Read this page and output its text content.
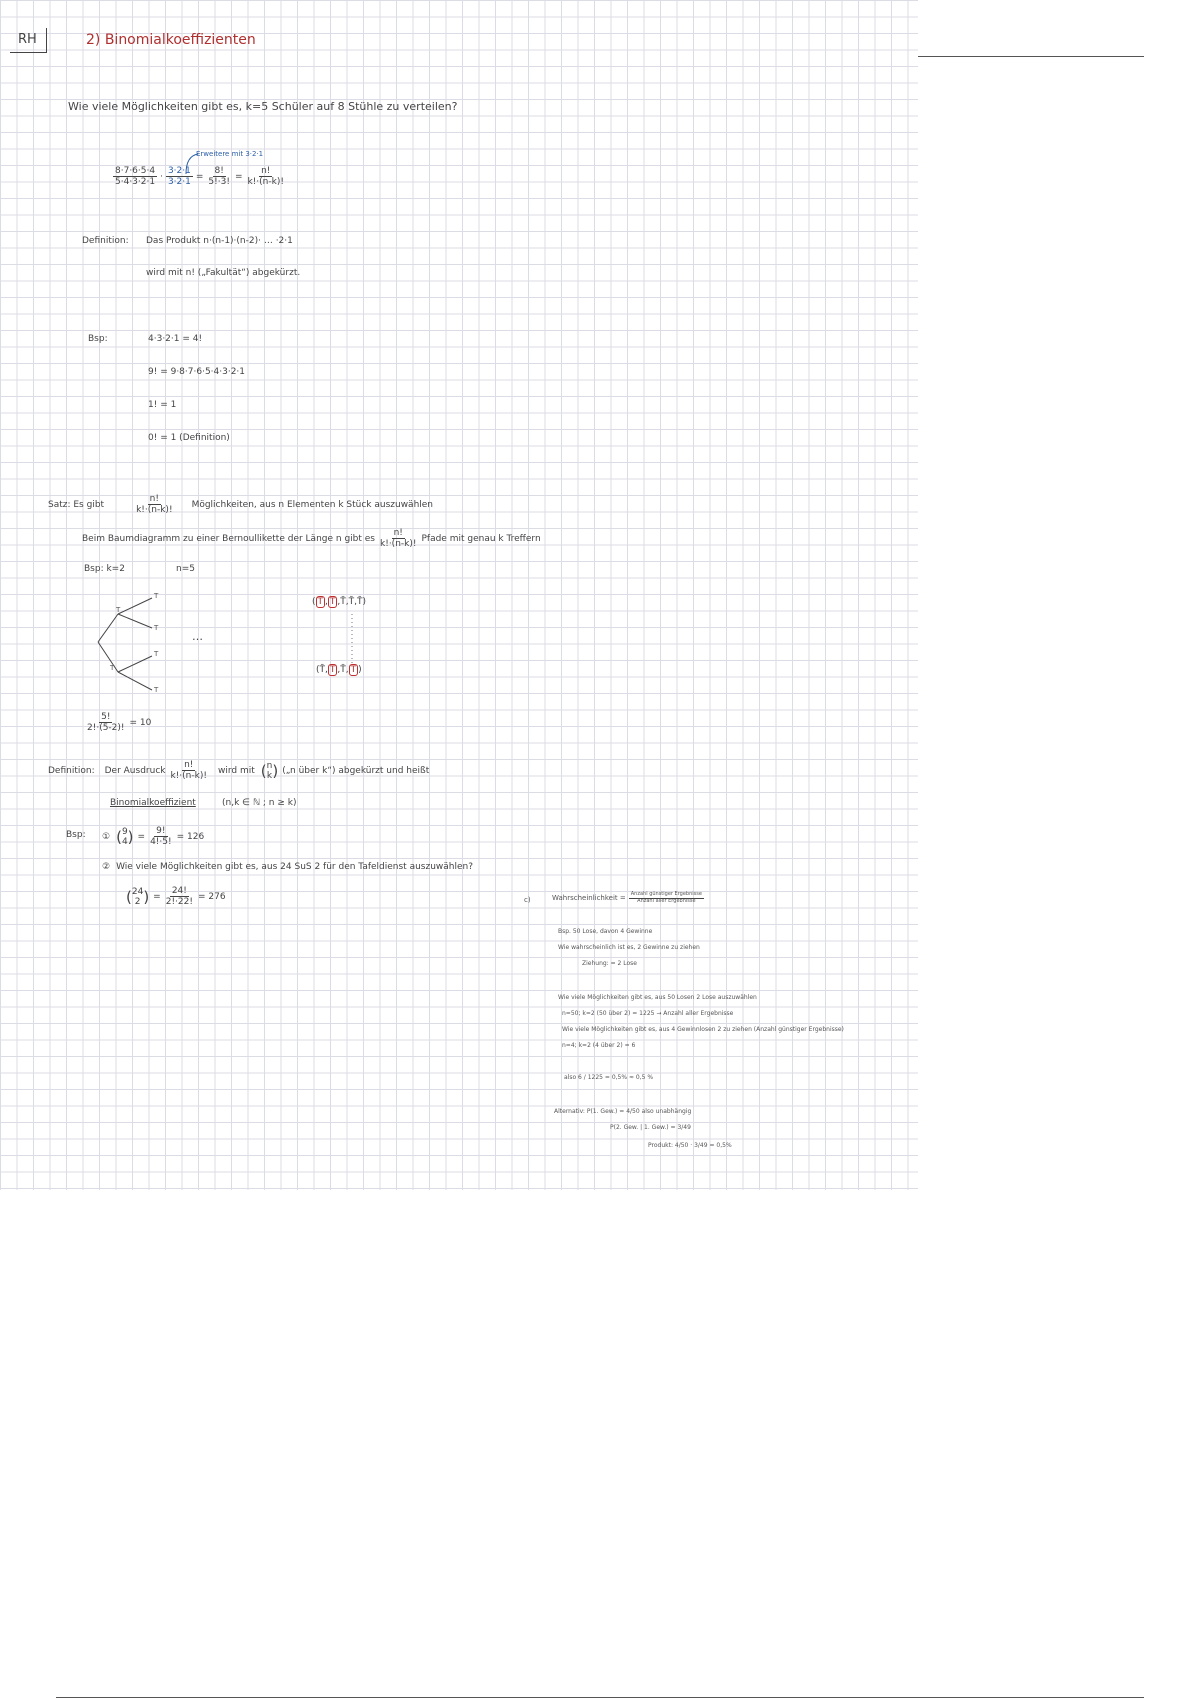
RH	2) Binomialkoeffizienten
Wie viele Möglichkeiten gibt es, k=5 Schüler auf 8 Stühle zu verteilen?
Erweitere mit 3·2·1
$\frac{8\cdot 7\cdot 6\cdot 5\cdot 4}{5\cdot 4\cdot 3\cdot 2\cdot 1} \cdot \frac{3\cdot 2\cdot 1}{3\cdot 2\cdot 1} = \frac{8!}{5!\cdot 3!} = \frac{n!}{k!\cdot(n-k)!}$
Definition: Das Produkt n·(n-1)·(n-2)· … ·2·1
wird mit n! („Fakultät“) abgekürzt.
Bsp:	4·3·2·1 = 4!
9! = 9·8·7·6·5·4·3·2·1
1! = 1
0! = 1 (Definition)
Satz: Es gibt	$\frac{n!}{k!\cdot(n-k)!}$ Möglichkeiten, aus n Elementen k Stück auszuwählen
Beim Baumdiagramm zu einer Bernoullikette der Länge n gibt es $\frac{n!}{k!\cdot(n-k)!}$ Pfade mit genau k Treffern
Bsp: k=2	n=5
T
T
T
T
T
T
…
( T , T ,T̄,T̄,T̄)
(T̄, T ,T̄, T )
$\frac{5!}{2!\cdot(5-2)!} = 10$
Definition: Der Ausdruck $\frac{n!}{k!\cdot(n-k)!}$ wird mit ( n
k ) („n über k“) abgekürzt und heißt
Binomialkoeffizient	(n,k ∈ ℕ ; n ≥ k)
Bsp: ① ( 9
4 ) = $\frac{9!}{4!\cdot 5!} = 126$
② Wie viele Möglichkeiten gibt es, aus 24 SuS 2 für den Tafeldienst auszuwählen?
( 24
2 ) = $\frac{24!}{2!\cdot 22!} = 276$	c)	Wahrscheinlichkeit = $\frac{\text{Anzahl günstiger Ergebnisse}}{\text{Anzahl aller Ergebnisse}}$
Bsp. 50 Lose, davon 4 Gewinne
Wie wahrscheinlich ist es, 2 Gewinne zu ziehen
Ziehung: = 2 Lose
Wie viele Möglichkeiten gibt es, aus 50 Losen 2 Lose auszuwählen
n=50; k=2 (50 über 2) = 1225 → Anzahl aller Ergebnisse
Wie viele Möglichkeiten gibt es, aus 4 Gewinnlosen 2 zu ziehen (Anzahl günstiger Ergebnisse)
n=4; k=2 (4 über 2) = 6
also 6 / 1225 = 0,5% ≈ 0,5 %
Alternativ: P(1. Gew.) = 4/50 also unabhängig
P(2. Gew. | 1. Gew.) = 3/49
Produkt: 4/50 · 3/49 = 0,5%
